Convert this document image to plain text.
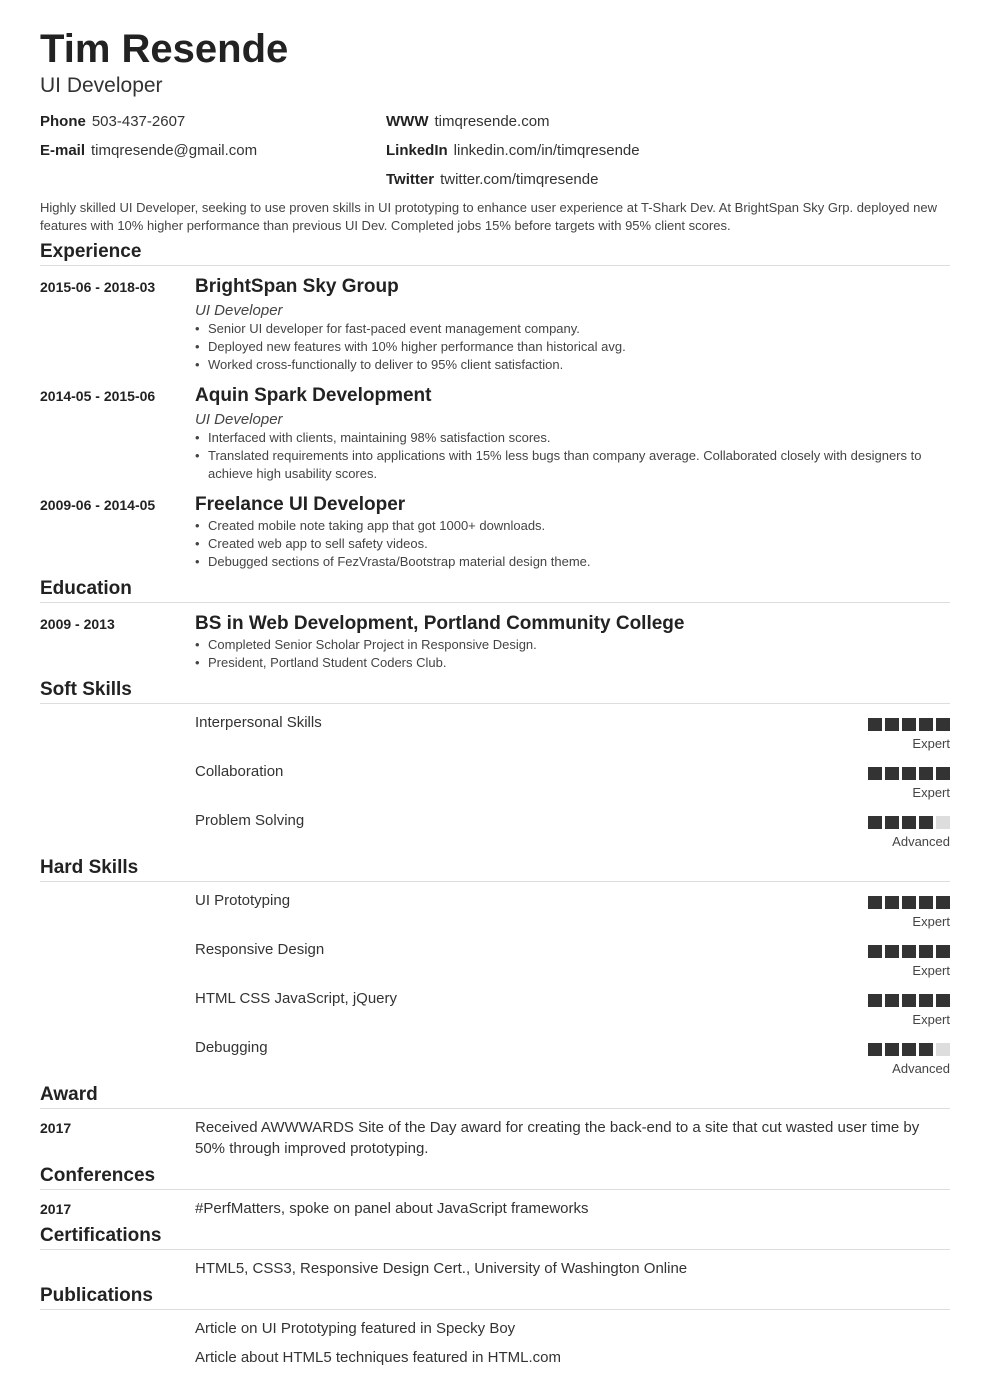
Tim Resende
UI Developer
Phone 503-437-2607
E-mail timqresende@gmail.com
WWW timqresende.com
LinkedIn linkedin.com/in/timqresende
Twitter twitter.com/timqresende
Highly skilled UI Developer, seeking to use proven skills in UI prototyping to enhance user experience at T-Shark Dev. At BrightSpan Sky Grp. deployed new features with 10% higher performance than previous UI Dev. Completed jobs 15% before targets with 95% client scores.
Experience
2015-06 - 2018-03 BrightSpan Sky Group
UI Developer
• Senior UI developer for fast-paced event management company.
• Deployed new features with 10% higher performance than historical avg.
• Worked cross-functionally to deliver to 95% client satisfaction.
2014-05 - 2015-06 Aquin Spark Development
UI Developer
• Interfaced with clients, maintaining 98% satisfaction scores.
• Translated requirements into applications with 15% less bugs than company average. Collaborated closely with designers to achieve high usability scores.
2009-06 - 2014-05 Freelance UI Developer
• Created mobile note taking app that got 1000+ downloads.
• Created web app to sell safety videos.
• Debugged sections of FezVrasta/Bootstrap material design theme.
Education
2009 - 2013	BS in Web Development, Portland Community College
• Completed Senior Scholar Project in Responsive Design.
• President, Portland Student Coders Club.
Soft Skills
Interpersonal Skills
Expert
Collaboration
Expert
Problem Solving
Advanced
Hard Skills
UI Prototyping
Expert
Responsive Design
Expert
HTML CSS JavaScript, jQuery
Expert
Debugging
Advanced
Award
2017	Received AWWWARDS Site of the Day award for creating the back-end to a site that cut wasted user time by 50% through improved prototyping.
Conferences
2017	#PerfMatters, spoke on panel about JavaScript frameworks
Certifications
HTML5, CSS3, Responsive Design Cert., University of Washington Online
Publications
Article on UI Prototyping featured in Specky Boy
Article about HTML5 techniques featured in HTML.com
